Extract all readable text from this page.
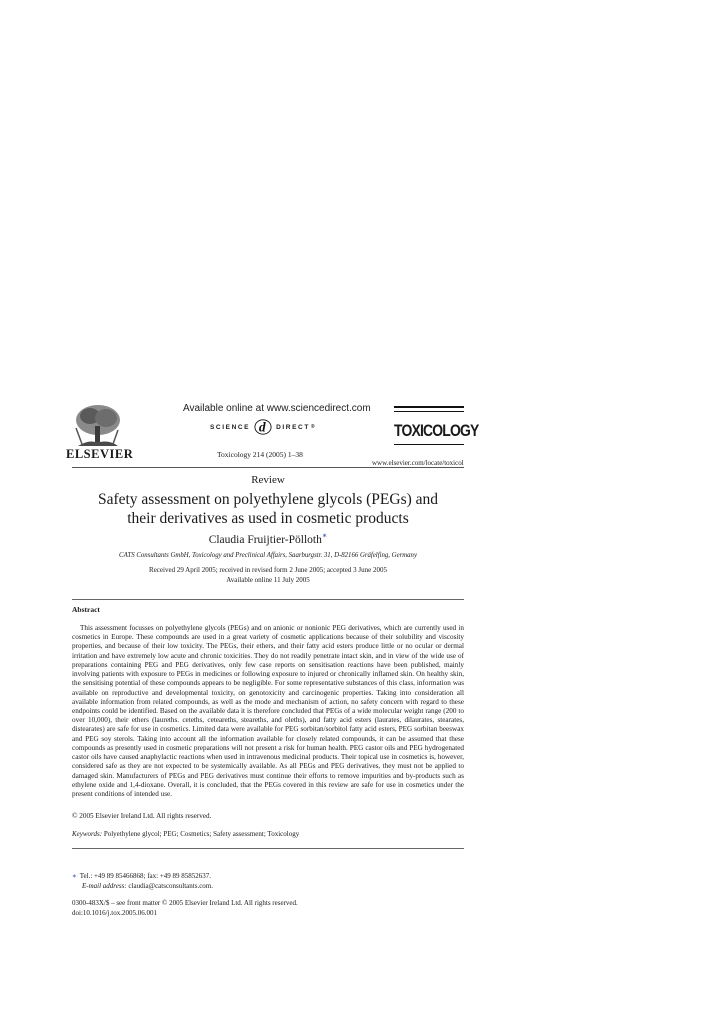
ELSEVIER
Available online at www.sciencedirect.com
SCIENCE d DIRECT ®
Toxicology 214 (2005) 1–38
TOXICOLOGY
www.elsevier.com/locate/toxicol
Review
Safety assessment on polyethylene glycols (PEGs) and
their derivatives as used in cosmetic products
Claudia Fruijtier-Pölloth∗
CATS Consultants GmbH, Toxicology and Preclinical Affairs, Saarburgstr. 31, D-82166 Gräfelfing, Germany
Received 29 April 2005; received in revised form 2 June 2005; accepted 3 June 2005
Available online 11 July 2005
Abstract
This assessment focusses on polyethylene glycols (PEGs) and on anionic or nonionic PEG derivatives, which are currently used in cosmetics in Europe. These compounds are used in a great variety of cosmetic applications because of their solubility and viscosity properties, and because of their low toxicity. The PEGs, their ethers, and their fatty acid esters produce little or no ocular or dermal irritation and have extremely low acute and chronic toxicities. They do not readily penetrate intact skin, and in view of the wide use of preparations containing PEG and PEG derivatives, only few case reports on sensitisation reactions have been published, mainly involving patients with exposure to PEGs in medicines or following exposure to injured or chronically inflamed skin. On healthy skin, the sensitising potential of these compounds appears to be negligible. For some representative substances of this class, information was available on reproductive and developmental toxicity, on genotoxicity and carcinogenic properties. Taking into consideration all available information from related compounds, as well as the mode and mechanism of action, no safety concern with regard to these endpoints could be identified. Based on the available data it is therefore concluded that PEGs of a wide molecular weight range (200 to over 10,000), their ethers (laureths. ceteths, ceteareths, steareths, and oleths), and fatty acid esters (laurates, dilaurates, stearates, distearates) are safe for use in cosmetics. Limited data were available for PEG sorbitan/sorbitol fatty acid esters, PEG sorbitan beeswax and PEG soy sterols. Taking into account all the information available for closely related compounds, it can be assumed that these compounds as presently used in cosmetic preparations will not present a risk for human health. PEG castor oils and PEG hydrogenated castor oils have caused anaphylactic reactions when used in intravenous medicinal products. Their topical use in cosmetics is, however, considered safe as they are not expected to be systemically available. As all PEGs and PEG derivatives, they must not be applied to damaged skin. Manufacturers of PEGs and PEG derivatives must continue their efforts to remove impurities and by-products such as ethylene oxide and 1,4-dioxane. Overall, it is concluded, that the PEGs covered in this review are safe for use in cosmetics under the present conditions of intended use.
© 2005 Elsevier Ireland Ltd. All rights reserved.
Keywords: Polyethylene glycol; PEG; Cosmetics; Safety assessment; Toxicology
∗ Tel.: +49 89 85466868; fax: +49 89 85852637.
E-mail address: claudia@catsconsultants.com.
0300-483X/$ – see front matter © 2005 Elsevier Ireland Ltd. All rights reserved.
doi:10.1016/j.tox.2005.06.001
